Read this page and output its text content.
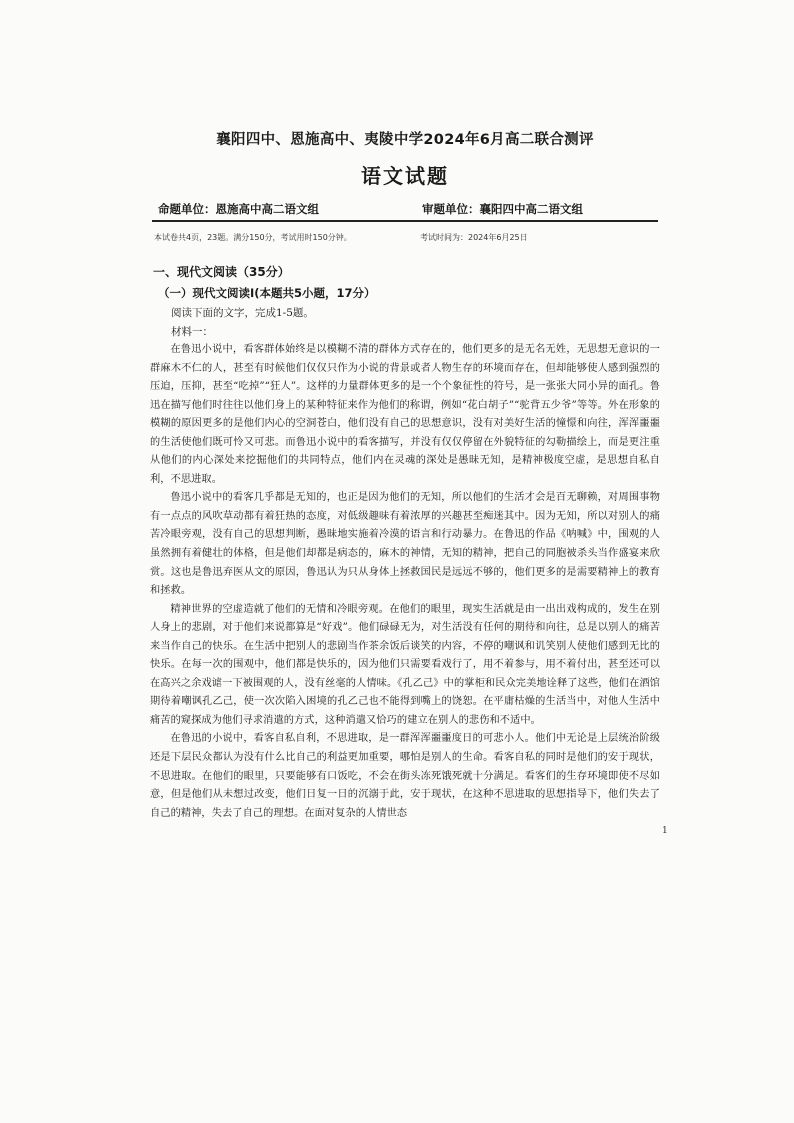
襄阳四中、恩施高中、夷陵中学2024年6月高二联合测评
语文试题
命题单位：恩施高中高二语文组	审题单位：襄阳四中高二语文组
本试卷共4页，23题。满分150分，考试用时150分钟。	考试时间为：2024年6月25日
一、现代文阅读（35分）
（一）现代文阅读Ⅰ(本题共5小题，17分）
阅读下面的文字，完成1-5题。
材料一：

在鲁迅小说中，看客群体始终是以模糊不清的群体方式存在的，他们更多的是无名无姓，无思想无意识的一群麻木不仁的人，甚至有时候他们仅仅只作为小说的背景或者人物生存的环境而存在，但却能够使人感到强烈的压迫，压抑，甚至“吃掉”“狂人”。这样的力量群体更多的是一个个象征性的符号，是一张张大同小异的面孔。鲁迅在描写他们时往往以他们身上的某种特征来作为他们的称谓，例如“花白胡子”“驼背五少爷”等等。外在形象的模糊的原因更多的是他们内心的空洞苍白，他们没有自己的思想意识，没有对美好生活的憧憬和向往，浑浑噩噩的生活使他们既可怜又可悲。而鲁迅小说中的看客描写，并没有仅仅停留在外貌特征的勾勒描绘上，而是更注重从他们的内心深处来挖掘他们的共同特点，他们内在灵魂的深处是愚昧无知，是精神极度空虚，是思想自私自利，不思进取。

鲁迅小说中的看客几乎都是无知的，也正是因为他们的无知，所以他们的生活才会是百无聊赖，对周围事物有一点点的风吹草动都有着狂热的态度，对低级趣味有着浓厚的兴趣甚至痴迷其中。因为无知，所以对别人的痛苦冷眼旁观，没有自己的思想判断，愚昧地实施着冷漠的语言和行动暴力。在鲁迅的作品《呐喊》中，围观的人虽然拥有着健壮的体格，但是他们却都是病态的，麻木的神情，无知的精神，把自己的同胞被杀头当作盛宴来欣赏。这也是鲁迅弃医从文的原因，鲁迅认为只从身体上拯救国民是远远不够的，他们更多的是需要精神上的教育和拯救。

精神世界的空虚造就了他们的无情和冷眼旁观。在他们的眼里，现实生活就是由一出出戏构成的，发生在别人身上的悲剧，对于他们来说都算是“好戏”。他们碌碌无为，对生活没有任何的期待和向往，总是以别人的痛苦来当作自己的快乐。在生活中把别人的悲剧当作茶余饭后谈笑的内容，不停的嘲讽和讥笑别人使他们感到无比的快乐。在每一次的围观中，他们都是快乐的，因为他们只需要看戏行了，用不着参与，用不着付出，甚至还可以在高兴之余戏谑一下被围观的人，没有丝毫的人情味。《孔乙己》中的掌柜和民众完美地诠释了这些，他们在酒馆期待着嘲讽孔乙己，使一次次陷入困境的孔乙己也不能得到嘴上的饶恕。在平庸枯燥的生活当中，对他人生活中痛苦的窥探成为他们寻求消遣的方式，这种消遣又恰巧的建立在别人的悲伤和不适中。

在鲁迅的小说中，看客自私自利，不思进取，是一群浑浑噩噩度日的可悲小人。他们中无论是上层统治阶级还是下层民众都认为没有什么比自己的利益更加重要，哪怕是别人的生命。看客自私的同时是他们的安于现状，不思进取。在他们的眼里，只要能够有口饭吃，不会在街头冻死饿死就十分满足。看客们的生存环境即使不尽如意，但是他们从未想过改变，他们日复一日的沉溺于此，安于现状，在这种不思进取的思想指导下，他们失去了自己的精神，失去了自己的理想。在面对复杂的人情世态

1
